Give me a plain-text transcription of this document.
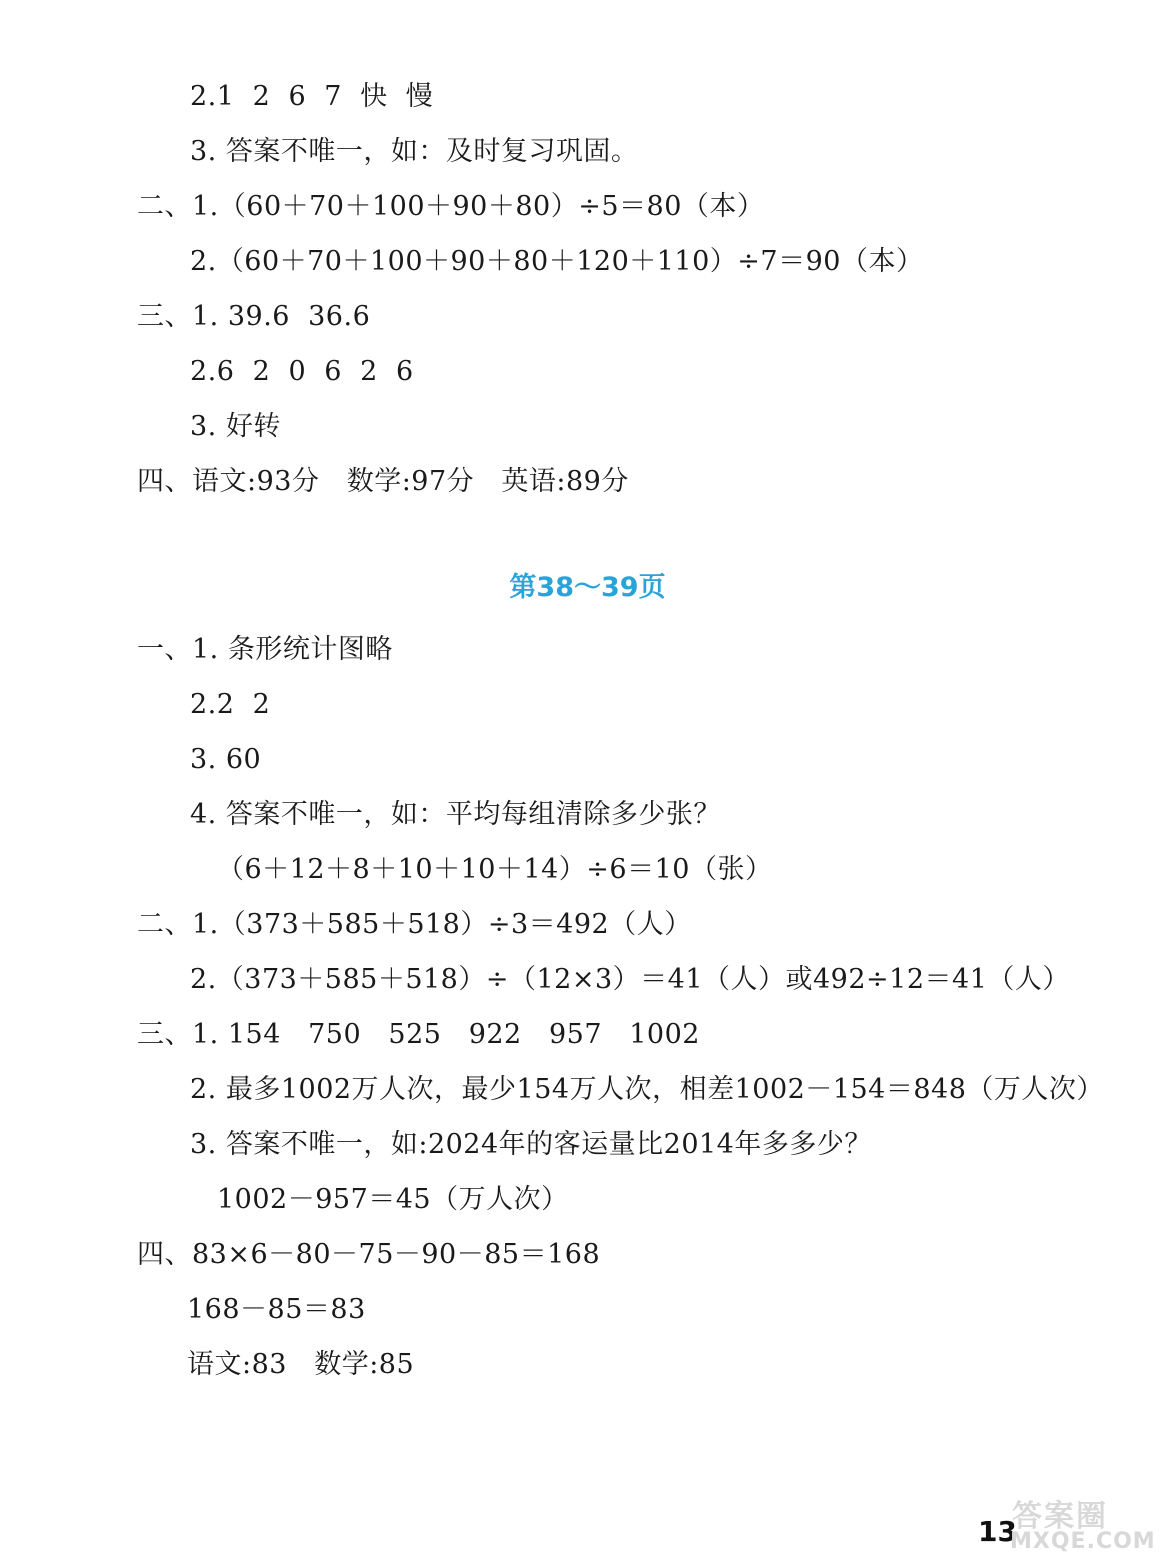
2.1  2  6  7  快  慢
3. 答案不唯一，如：及时复习巩固。
二、1.（60＋70＋100＋90＋80）÷5＝80（本）
2.（60＋70＋100＋90＋80＋120＋110）÷7＝90（本）
三、1. 39.6  36.6
2.6  2  0  6  2  6
3. 好转
四、语文:93分   数学:97分   英语:89分
第38～39页
一、1. 条形统计图略
2.2  2
3. 60
4. 答案不唯一，如：平均每组清除多少张？
（6＋12＋8＋10＋10＋14）÷6＝10（张）
二、1.（373＋585＋518）÷3＝492（人）
2.（373＋585＋518）÷（12×3）＝41（人）或492÷12＝41（人）
三、1. 154   750   525   922   957   1002
2. 最多1002万人次，最少154万人次，相差1002－154＝848（万人次）
3. 答案不唯一，如:2024年的客运量比2014年多多少？
1002－957＝45（万人次）
四、83×6－80－75－90－85＝168
168－85＝83
语文:83   数学:85
13
答案圈
MXQE.COM
